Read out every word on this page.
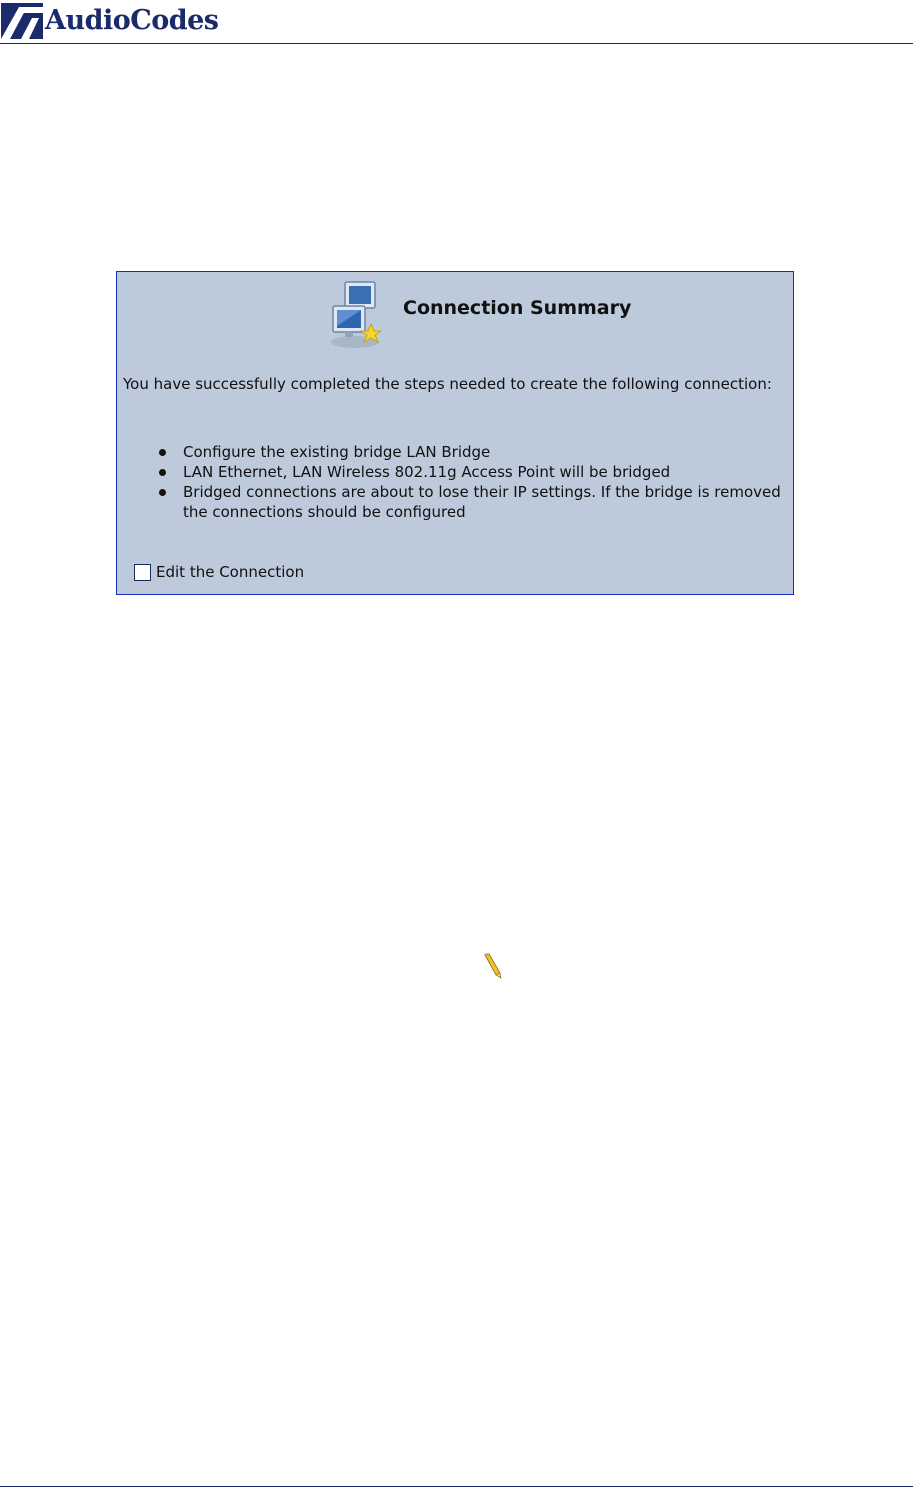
AudioCodes
Connection Summary
You have successfully completed the steps needed to create the following connection:
Configure the existing bridge LAN Bridge
LAN Ethernet, LAN Wireless 802.11g Access Point will be bridged
Bridged connections are about to lose their IP settings. If the bridge is removed the connections should be configured
Edit the Connection
